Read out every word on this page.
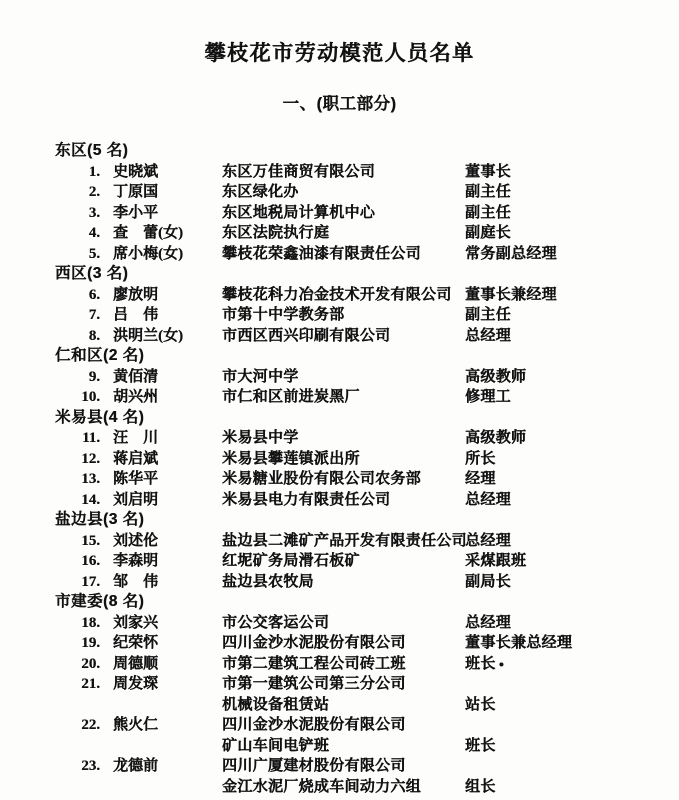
攀枝花市劳动模范人员名单
一、(职工部分)
东区(5 名)
1. 史晓斌	东区万佳商贸有限公司	董事长
2. 丁原国	东区绿化办	副主任
3. 李小平	东区地税局计算机中心	副主任
4. 查　蕾(女)	东区法院执行庭	副庭长
5. 席小梅(女)	攀枝花荣鑫油漆有限责任公司	常务副总经理
西区(3 名)
6. 廖放明	攀枝花科力冶金技术开发有限公司 董事长兼经理
7. 吕　伟	市第十中学教务部	副主任
8. 洪明兰(女)	市西区西兴印刷有限公司	总经理
仁和区(2 名)
9. 黄佰清	市大河中学	高级教师
10. 胡兴州	市仁和区前进炭黑厂	修理工
米易县(4 名)
11. 汪　川	米易县中学	高级教师
12. 蒋启斌	米易县攀莲镇派出所	所长
13. 陈华平	米易糖业股份有限公司农务部	经理
14. 刘启明	米易县电力有限责任公司	总经理
盐边县(3 名)
15. 刘述伦	盐边县二滩矿产品开发有限责任公司
总经理
16. 李森明	红坭矿务局滑石板矿	采煤跟班
17. 邹　伟	盐边县农牧局	副局长
市建委(8 名)
18. 刘家兴	市公交客运公司	总经理
19. 纪荣怀	四川金沙水泥股份有限公司	董事长兼总经理
20. 周德顺	市第二建筑工程公司砖工班	班长 ●
21. 周发琛	市第一建筑公司第三分公司
机械设备租赁站	站长
22. 熊火仁	四川金沙水泥股份有限公司
矿山车间电铲班	班长
23. 龙德前	四川广厦建材股份有限公司
金江水泥厂烧成车间动力六组	组长
